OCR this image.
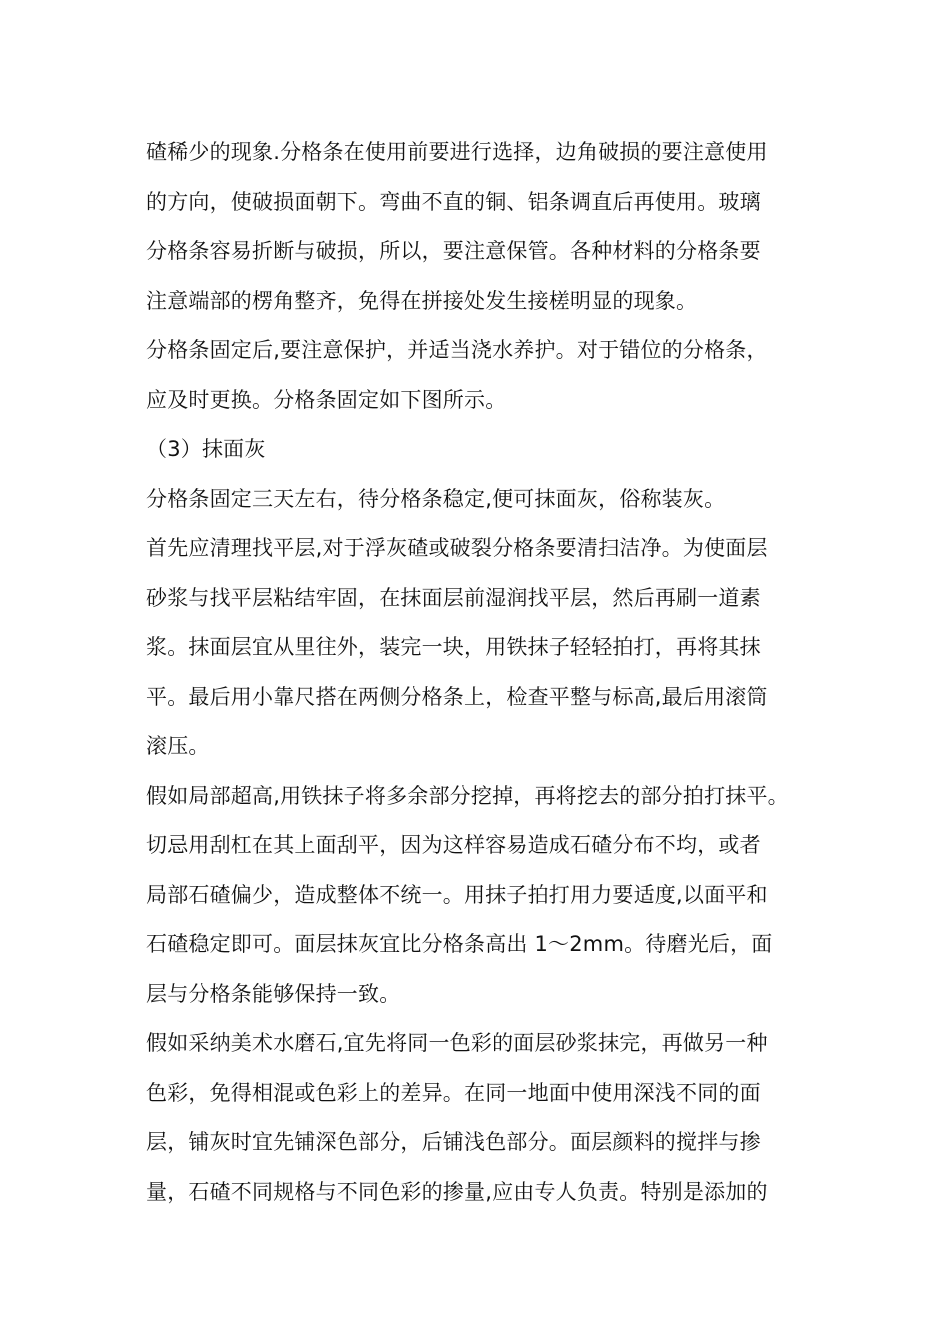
碴稀少的现象.分格条在使用前要进行选择，边角破损的要注意使用
的方向，使破损面朝下。弯曲不直的铜、铝条调直后再使用。玻璃
分格条容易折断与破损，所以，要注意保管。各种材料的分格条要
注意端部的楞角整齐，免得在拼接处发生接槎明显的现象。
分格条固定后,要注意保护，并适当浇水养护。对于错位的分格条，
应及时更换。分格条固定如下图所示。
（3）抹面灰
分格条固定三天左右，待分格条稳定,便可抹面灰，俗称装灰。
首先应清理找平层,对于浮灰碴或破裂分格条要清扫洁净。为使面层
砂浆与找平层粘结牢固，在抹面层前湿润找平层，然后再刷一道素
浆。抹面层宜从里往外，装完一块，用铁抹子轻轻拍打，再将其抹
平。最后用小靠尺搭在两侧分格条上，检查平整与标高,最后用滚筒
滚压。
假如局部超高,用铁抹子将多余部分挖掉，再将挖去的部分拍打抹平。
切忌用刮杠在其上面刮平，因为这样容易造成石碴分布不均，或者
局部石碴偏少，造成整体不统一。用抹子拍打用力要适度,以面平和
石碴稳定即可。面层抹灰宜比分格条高出 1～2mm。待磨光后，面
层与分格条能够保持一致。
假如采纳美术水磨石,宜先将同一色彩的面层砂浆抹完，再做另一种
色彩，免得相混或色彩上的差异。在同一地面中使用深浅不同的面
层，铺灰时宜先铺深色部分，后铺浅色部分。面层颜料的搅拌与掺
量，石碴不同规格与不同色彩的掺量,应由专人负责。特别是添加的
